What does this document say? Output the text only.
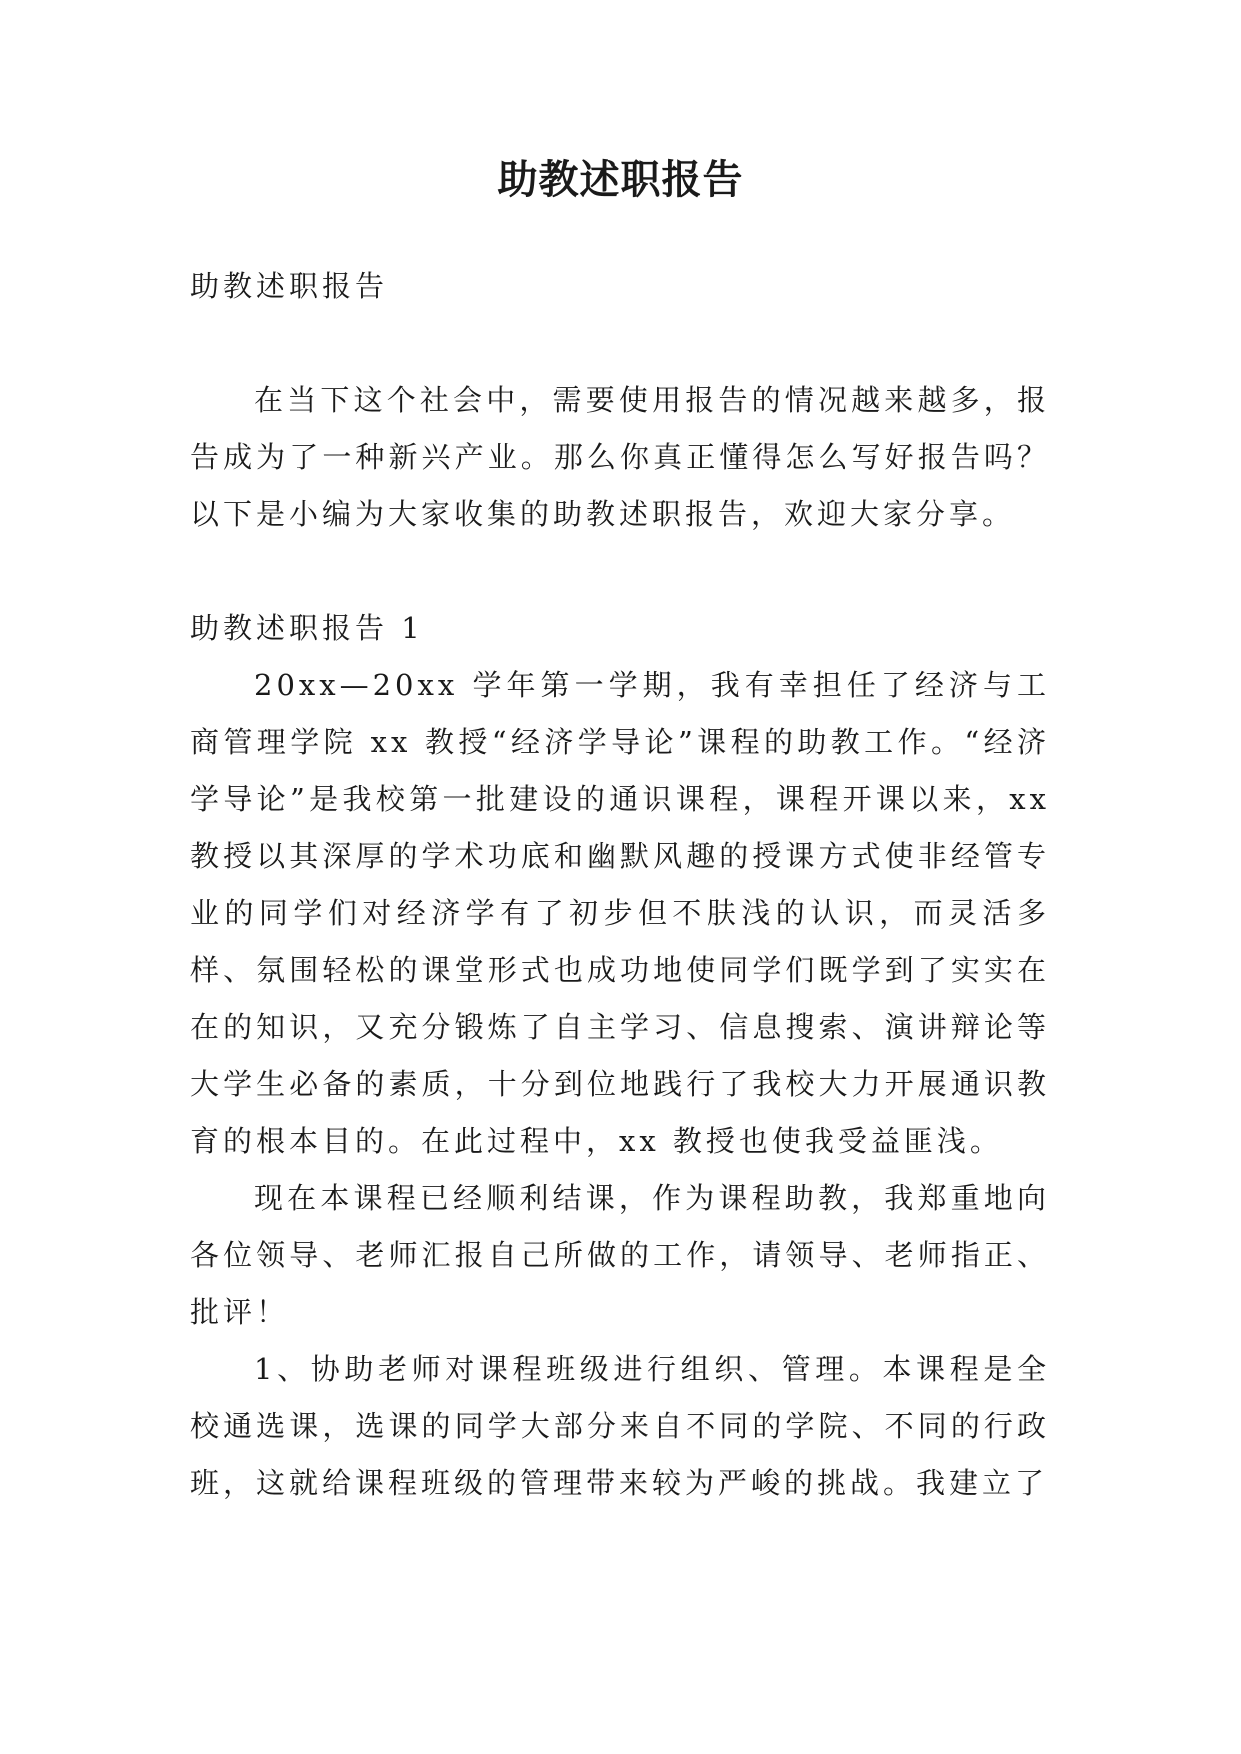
助教述职报告

助教述职报告

在当下这个社会中，需要使用报告的情况越来越多，报告成为了一种新兴产业。那么你真正懂得怎么写好报告吗？以下是小编为大家收集的助教述职报告，欢迎大家分享。

助教述职报告 1

20xx—20xx 学年第一学期，我有幸担任了经济与工商管理学院 xx 教授“经济学导论”课程的助教工作。“经济学导论”是我校第一批建设的通识课程，课程开课以来，xx 教授以其深厚的学术功底和幽默风趣的授课方式使非经管专业的同学们对经济学有了初步但不肤浅的认识，而灵活多样、氛围轻松的课堂形式也成功地使同学们既学到了实实在在的知识，又充分锻炼了自主学习、信息搜索、演讲辩论等大学生必备的素质，十分到位地践行了我校大力开展通识教育的根本目的。在此过程中，xx 教授也使我受益匪浅。

现在本课程已经顺利结课，作为课程助教，我郑重地向各位领导、老师汇报自己所做的工作，请领导、老师指正、批评！

1、协助老师对课程班级进行组织、管理。本课程是全校通选课，选课的同学大部分来自不同的学院、不同的行政班，这就给课程班级的管理带来较为严峻的挑战。我建立了
